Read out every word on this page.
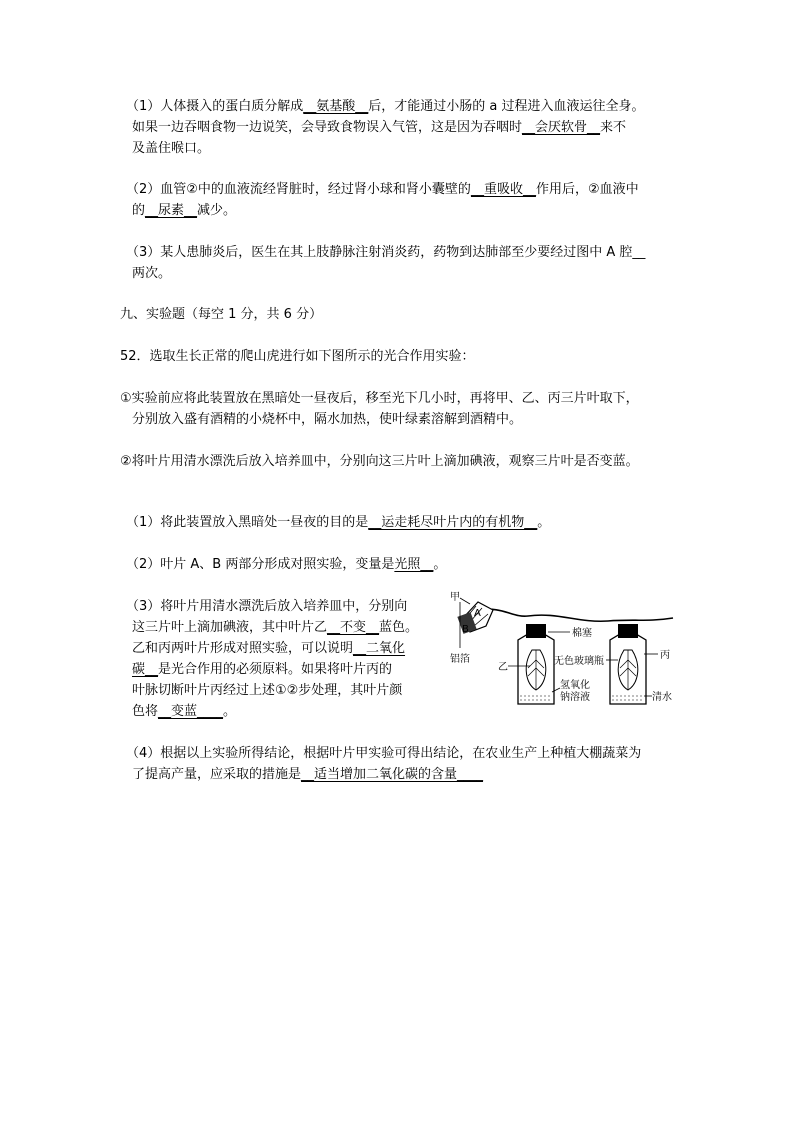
（1）人体摄入的蛋白质分解成__氨基酸__后，才能通过小肠的 a 过程进入血液运往全身。
如果一边吞咽食物一边说笑，会导致食物误入气管，这是因为吞咽时__会厌软骨__来不
及盖住喉口。
（2）血管②中的血液流经肾脏时，经过肾小球和肾小囊壁的__重吸收__作用后，②血液中
的__尿素__减少。
（3）某人患肺炎后，医生在其上肢静脉注射消炎药，药物到达肺部至少要经过图中 A 腔__
两次。
九、实验题（每空 1 分，共 6 分）
52．选取生长正常的爬山虎进行如下图所示的光合作用实验：
①实验前应将此装置放在黑暗处一昼夜后，移至光下几小时，再将甲、乙、丙三片叶取下，
分别放入盛有酒精的小烧杯中，隔水加热，使叶绿素溶解到酒精中。
②将叶片用清水漂洗后放入培养皿中，分别向这三片叶上滴加碘液，观察三片叶是否变蓝。
（1）将此装置放入黑暗处一昼夜的目的是__运走耗尽叶片内的有机物__。
（2）叶片 A、B 两部分形成对照实验，变量是光照__。
（3）将叶片用清水漂洗后放入培养皿中，分别向
这三片叶上滴加碘液，其中叶片乙__不变__蓝色。
乙和丙两叶片形成对照实验，可以说明__二氧化
碳__是光合作用的必须原料。如果将叶片丙的
叶脉切断叶片丙经过上述①②步处理，其叶片颜
色将__变蓝____。
A
B
甲
铝箔
乙
棉塞
无色玻璃瓶
氢氧化
钠溶液
丙
清水
（4）根据以上实验所得结论，根据叶片甲实验可得出结论，在农业生产上种植大棚蔬菜为
了提高产量，应采取的措施是__适当增加二氧化碳的含量____
